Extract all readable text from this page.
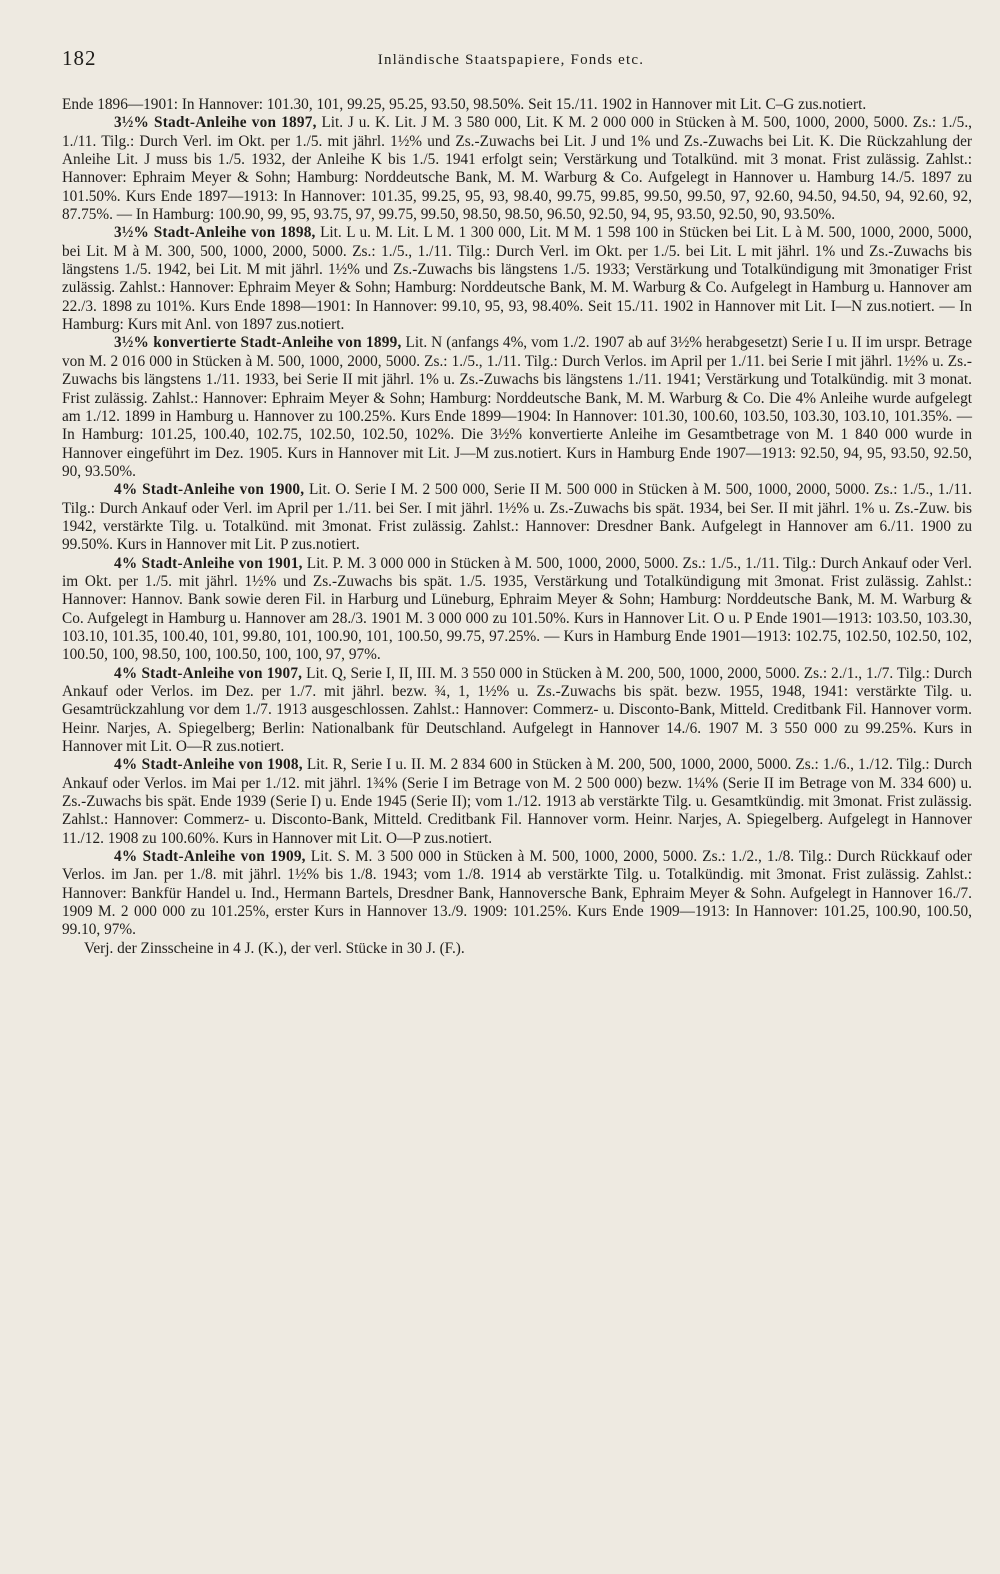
182	Inländische Staatspapiere, Fonds etc.

Ende 1896—1901: In Hannover: 101.30, 101, 99.25, 95.25, 93.50, 98.50%. Seit 15./11. 1902 in Hannover mit Lit. C–G zus.notiert.

3½% Stadt-Anleihe von 1897, Lit. J u. K. Lit. J M. 3 580 000, Lit. K M. 2 000 000 in Stücken à M. 500, 1000, 2000, 5000. Zs.: 1./5., 1./11. Tilg.: Durch Verl. im Okt. per 1./5. mit jährl. 1½% und Zs.-Zuwachs bei Lit. J und 1% und Zs.-Zuwachs bei Lit. K. Die Rückzahlung der Anleihe Lit. J muss bis 1./5. 1932, der Anleihe K bis 1./5. 1941 erfolgt sein; Verstärkung und Totalkünd. mit 3 monat. Frist zulässig. Zahlst.: Hannover: Ephraim Meyer & Sohn; Hamburg: Norddeutsche Bank, M. M. Warburg & Co. Aufgelegt in Hannover u. Hamburg 14./5. 1897 zu 101.50%. Kurs Ende 1897—1913: In Hannover: 101.35, 99.25, 95, 93, 98.40, 99.75, 99.85, 99.50, 99.50, 97, 92.60, 94.50, 94.50, 94, 92.60, 92, 87.75%. — In Hamburg: 100.90, 99, 95, 93.75, 97, 99.75, 99.50, 98.50, 98.50, 96.50, 92.50, 94, 95, 93.50, 92.50, 90, 93.50%.

3½% Stadt-Anleihe von 1898, Lit. L u. M. Lit. L M. 1 300 000, Lit. M M. 1 598 100 in Stücken bei Lit. L à M. 500, 1000, 2000, 5000, bei Lit. M à M. 300, 500, 1000, 2000, 5000. Zs.: 1./5., 1./11. Tilg.: Durch Verl. im Okt. per 1./5. bei Lit. L mit jährl. 1% und Zs.-Zuwachs bis längstens 1./5. 1942, bei Lit. M mit jährl. 1½% und Zs.-Zuwachs bis längstens 1./5. 1933; Verstärkung und Totalkündigung mit 3monatiger Frist zulässig. Zahlst.: Hannover: Ephraim Meyer & Sohn; Hamburg: Norddeutsche Bank, M. M. Warburg & Co. Aufgelegt in Hamburg u. Hannover am 22./3. 1898 zu 101%. Kurs Ende 1898—1901: In Hannover: 99.10, 95, 93, 98.40%. Seit 15./11. 1902 in Hannover mit Lit. I—N zus.notiert. — In Hamburg: Kurs mit Anl. von 1897 zus.notiert.

3½% konvertierte Stadt-Anleihe von 1899, Lit. N (anfangs 4%, vom 1./2. 1907 ab auf 3½% herabgesetzt) Serie I u. II im urspr. Betrage von M. 2 016 000 in Stücken à M. 500, 1000, 2000, 5000. Zs.: 1./5., 1./11. Tilg.: Durch Verlos. im April per 1./11. bei Serie I mit jährl. 1½% u. Zs.-Zuwachs bis längstens 1./11. 1933, bei Serie II mit jährl. 1% u. Zs.-Zuwachs bis längstens 1./11. 1941; Verstärkung und Totalkündig. mit 3 monat. Frist zulässig. Zahlst.: Hannover: Ephraim Meyer & Sohn; Hamburg: Norddeutsche Bank, M. M. Warburg & Co. Die 4% Anleihe wurde aufgelegt am 1./12. 1899 in Hamburg u. Hannover zu 100.25%. Kurs Ende 1899—1904: In Hannover: 101.30, 100.60, 103.50, 103.30, 103.10, 101.35%. — In Hamburg: 101.25, 100.40, 102.75, 102.50, 102.50, 102%. Die 3½% konvertierte Anleihe im Gesamtbetrage von M. 1 840 000 wurde in Hannover eingeführt im Dez. 1905. Kurs in Hannover mit Lit. J—M zus.notiert. Kurs in Hamburg Ende 1907—1913: 92.50, 94, 95, 93.50, 92.50, 90, 93.50%.

4% Stadt-Anleihe von 1900, Lit. O. Serie I M. 2 500 000, Serie II M. 500 000 in Stücken à M. 500, 1000, 2000, 5000. Zs.: 1./5., 1./11. Tilg.: Durch Ankauf oder Verl. im April per 1./11. bei Ser. I mit jährl. 1½% u. Zs.-Zuwachs bis spät. 1934, bei Ser. II mit jährl. 1% u. Zs.-Zuw. bis 1942, verstärkte Tilg. u. Totalkünd. mit 3monat. Frist zulässig. Zahlst.: Hannover: Dresdner Bank. Aufgelegt in Hannover am 6./11. 1900 zu 99.50%. Kurs in Hannover mit Lit. P zus.notiert.

4% Stadt-Anleihe von 1901, Lit. P. M. 3 000 000 in Stücken à M. 500, 1000, 2000, 5000. Zs.: 1./5., 1./11. Tilg.: Durch Ankauf oder Verl. im Okt. per 1./5. mit jährl. 1½% und Zs.-Zuwachs bis spät. 1./5. 1935, Verstärkung und Totalkündigung mit 3monat. Frist zulässig. Zahlst.: Hannover: Hannov. Bank sowie deren Fil. in Harburg und Lüneburg, Ephraim Meyer & Sohn; Hamburg: Norddeutsche Bank, M. M. Warburg & Co. Aufgelegt in Hamburg u. Hannover am 28./3. 1901 M. 3 000 000 zu 101.50%. Kurs in Hannover Lit. O u. P Ende 1901—1913: 103.50, 103.30, 103.10, 101.35, 100.40, 101, 99.80, 101, 100.90, 101, 100.50, 99.75, 97.25%. — Kurs in Hamburg Ende 1901—1913: 102.75, 102.50, 102.50, 102, 100.50, 100, 98.50, 100, 100.50, 100, 100, 97, 97%.

4% Stadt-Anleihe von 1907, Lit. Q, Serie I, II, III. M. 3 550 000 in Stücken à M. 200, 500, 1000, 2000, 5000. Zs.: 2./1., 1./7. Tilg.: Durch Ankauf oder Verlos. im Dez. per 1./7. mit jährl. bezw. ¾, 1, 1½% u. Zs.-Zuwachs bis spät. bezw. 1955, 1948, 1941: verstärkte Tilg. u. Gesamtrückzahlung vor dem 1./7. 1913 ausgeschlossen. Zahlst.: Hannover: Commerz- u. Disconto-Bank, Mitteld. Creditbank Fil. Hannover vorm. Heinr. Narjes, A. Spiegelberg; Berlin: Nationalbank für Deutschland. Aufgelegt in Hannover 14./6. 1907 M. 3 550 000 zu 99.25%. Kurs in Hannover mit Lit. O—R zus.notiert.

4% Stadt-Anleihe von 1908, Lit. R, Serie I u. II. M. 2 834 600 in Stücken à M. 200, 500, 1000, 2000, 5000. Zs.: 1./6., 1./12. Tilg.: Durch Ankauf oder Verlos. im Mai per 1./12. mit jährl. 1¾% (Serie I im Betrage von M. 2 500 000) bezw. 1¼% (Serie II im Betrage von M. 334 600) u. Zs.-Zuwachs bis spät. Ende 1939 (Serie I) u. Ende 1945 (Serie II); vom 1./12. 1913 ab verstärkte Tilg. u. Gesamtkündig. mit 3monat. Frist zulässig. Zahlst.: Hannover: Commerz- u. Disconto-Bank, Mitteld. Creditbank Fil. Hannover vorm. Heinr. Narjes, A. Spiegelberg. Aufgelegt in Hannover 11./12. 1908 zu 100.60%. Kurs in Hannover mit Lit. O—P zus.notiert.

4% Stadt-Anleihe von 1909, Lit. S. M. 3 500 000 in Stücken à M. 500, 1000, 2000, 5000. Zs.: 1./2., 1./8. Tilg.: Durch Rückkauf oder Verlos. im Jan. per 1./8. mit jährl. 1½% bis 1./8. 1943; vom 1./8. 1914 ab verstärkte Tilg. u. Totalkündig. mit 3monat. Frist zulässig. Zahlst.: Hannover: Bankfür Handel u. Ind., Hermann Bartels, Dresdner Bank, Hannoversche Bank, Ephraim Meyer & Sohn. Aufgelegt in Hannover 16./7. 1909 M. 2 000 000 zu 101.25%, erster Kurs in Hannover 13./9. 1909: 101.25%. Kurs Ende 1909—1913: In Hannover: 101.25, 100.90, 100.50, 99.10, 97%.

Verj. der Zinsscheine in 4 J. (K.), der verl. Stücke in 30 J. (F.).
